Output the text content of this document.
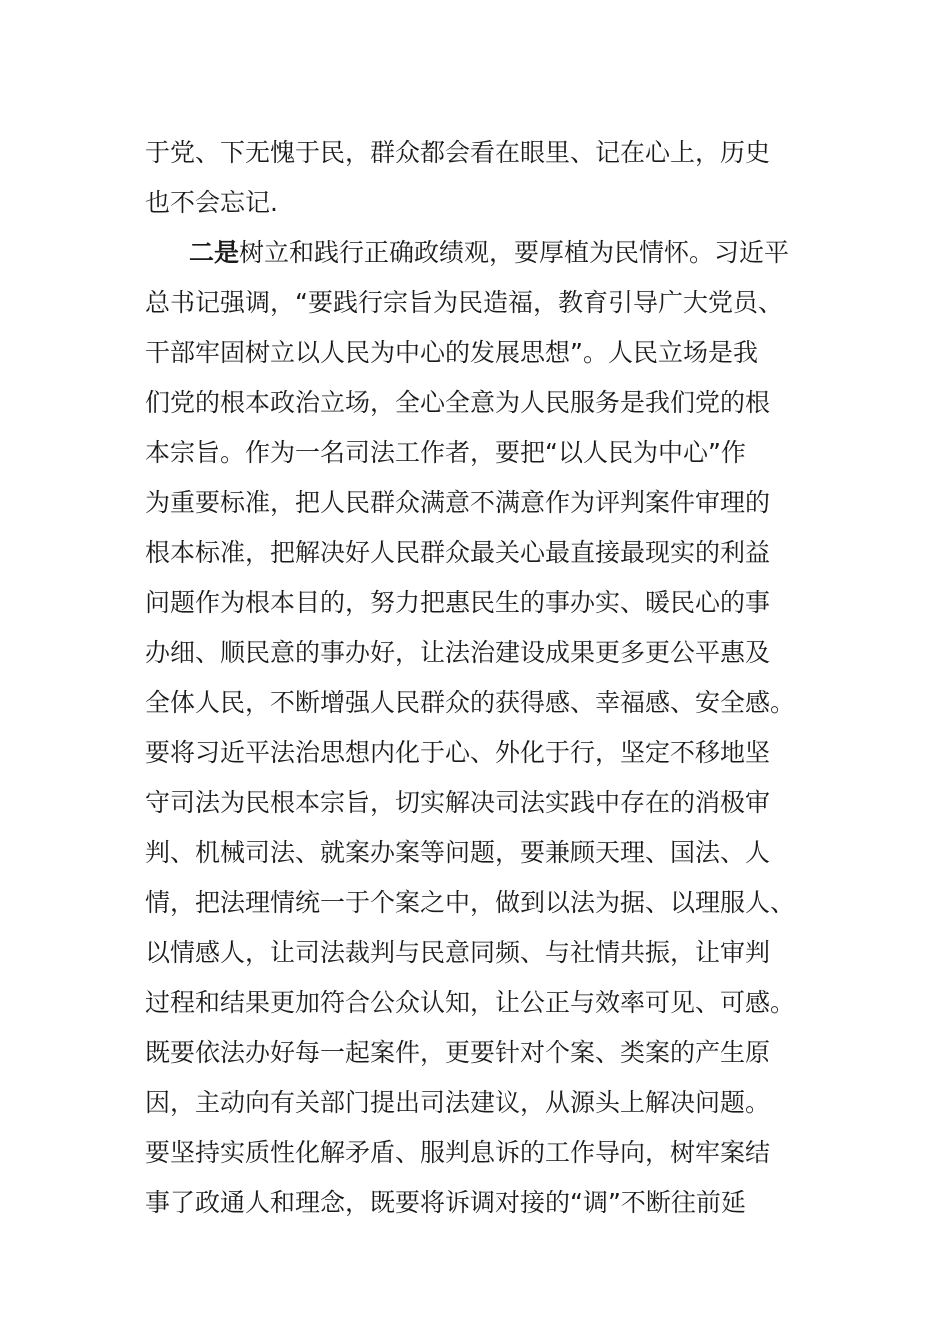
于党、下无愧于民，群众都会看在眼里、记在心上，历史
也不会忘记.
二是树立和践行正确政绩观，要厚植为民情怀。习近平
总书记强调，“要践行宗旨为民造福，教育引导广大党员、
干部牢固树立以人民为中心的发展思想”。人民立场是我
们党的根本政治立场，全心全意为人民服务是我们党的根
本宗旨。作为一名司法工作者，要把“以人民为中心”作
为重要标准，把人民群众满意不满意作为评判案件审理的
根本标准，把解决好人民群众最关心最直接最现实的利益
问题作为根本目的，努力把惠民生的事办实、暖民心的事
办细、顺民意的事办好，让法治建设成果更多更公平惠及
全体人民，不断增强人民群众的获得感、幸福感、安全感。
要将习近平法治思想内化于心、外化于行，坚定不移地坚
守司法为民根本宗旨，切实解决司法实践中存在的消极审
判、机械司法、就案办案等问题，要兼顾天理、国法、人
情，把法理情统一于个案之中，做到以法为据、以理服人、
以情感人，让司法裁判与民意同频、与社情共振，让审判
过程和结果更加符合公众认知，让公正与效率可见、可感。
既要依法办好每一起案件，更要针对个案、类案的产生原
因，主动向有关部门提出司法建议，从源头上解决问题。
要坚持实质性化解矛盾、服判息诉的工作导向，树牢案结
事了政通人和理念，既要将诉调对接的“调”不断往前延
